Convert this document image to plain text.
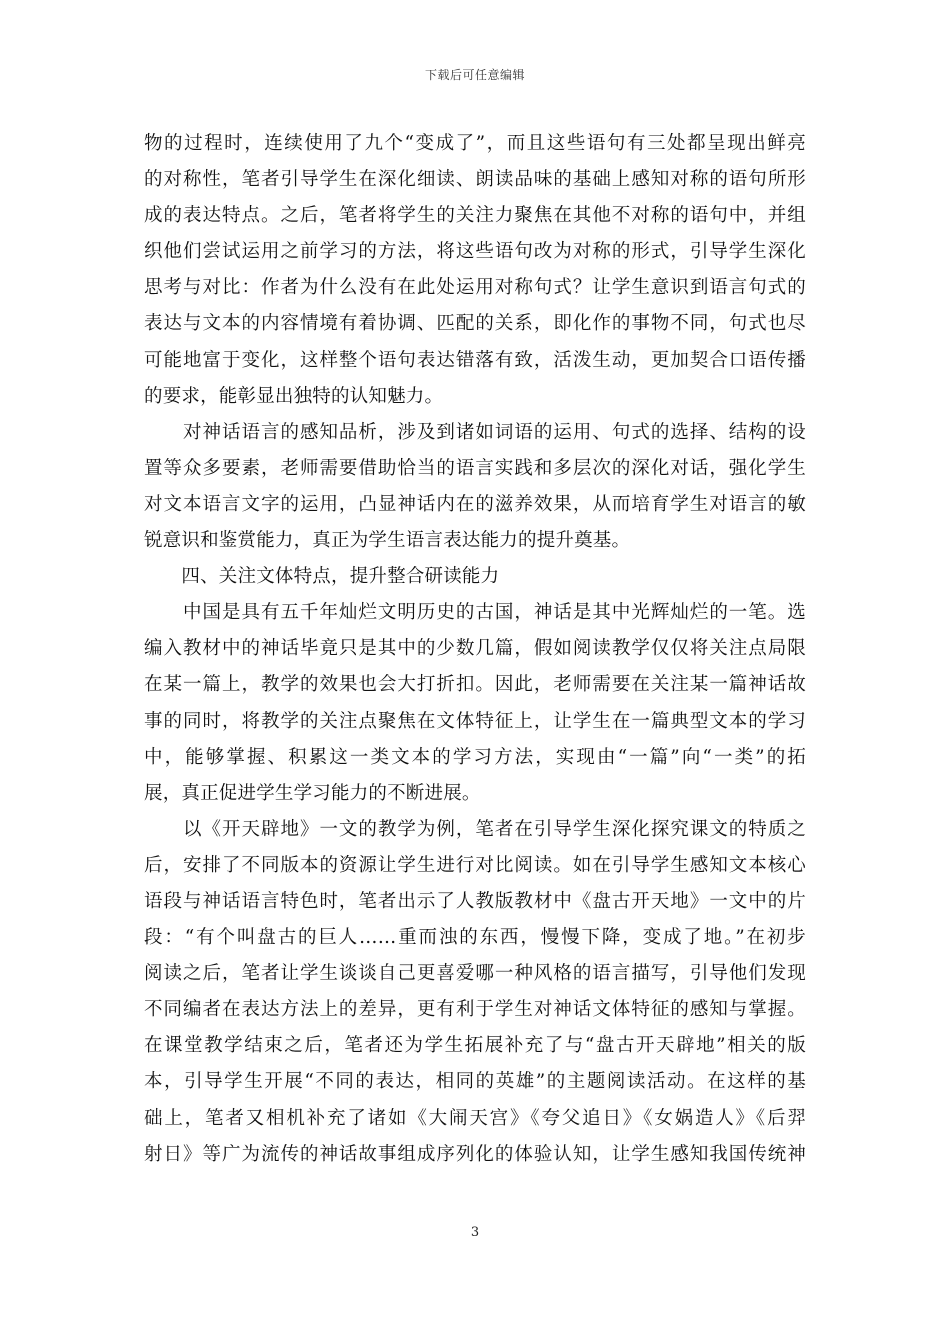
下载后可任意编辑
物的过程时，连续使用了九个“变成了”，而且这些语句有三处都呈现出鲜亮
的对称性，笔者引导学生在深化细读、朗读品味的基础上感知对称的语句所形
成的表达特点。之后，笔者将学生的关注力聚焦在其他不对称的语句中，并组
织他们尝试运用之前学习的方法，将这些语句改为对称的形式，引导学生深化
思考与对比：作者为什么没有在此处运用对称句式？让学生意识到语言句式的
表达与文本的内容情境有着协调、匹配的关系，即化作的事物不同，句式也尽
可能地富于变化，这样整个语句表达错落有致，活泼生动，更加契合口语传播
的要求，能彰显出独特的认知魅力。
　　对神话语言的感知品析，涉及到诸如词语的运用、句式的选择、结构的设
置等众多要素，老师需要借助恰当的语言实践和多层次的深化对话，强化学生
对文本语言文字的运用，凸显神话内在的滋养效果，从而培育学生对语言的敏
锐意识和鉴赏能力，真正为学生语言表达能力的提升奠基。
　　四、关注文体特点，提升整合研读能力
　　中国是具有五千年灿烂文明历史的古国，神话是其中光辉灿烂的一笔。选
编入教材中的神话毕竟只是其中的少数几篇，假如阅读教学仅仅将关注点局限
在某一篇上，教学的效果也会大打折扣。因此，老师需要在关注某一篇神话故
事的同时，将教学的关注点聚焦在文体特征上，让学生在一篇典型文本的学习
中，能够掌握、积累这一类文本的学习方法，实现由“一篇”向“一类”的拓
展，真正促进学生学习能力的不断进展。
　　以《开天辟地》一文的教学为例，笔者在引导学生深化探究课文的特质之
后，安排了不同版本的资源让学生进行对比阅读。如在引导学生感知文本核心
语段与神话语言特色时，笔者出示了人教版教材中《盘古开天地》一文中的片
段：“有个叫盘古的巨人……重而浊的东西，慢慢下降，变成了地。”在初步
阅读之后，笔者让学生谈谈自己更喜爱哪一种风格的语言描写，引导他们发现
不同编者在表达方法上的差异，更有利于学生对神话文体特征的感知与掌握。
在课堂教学结束之后，笔者还为学生拓展补充了与“盘古开天辟地”相关的版
本，引导学生开展“不同的表达，相同的英雄”的主题阅读活动。在这样的基
础上，笔者又相机补充了诸如《大闹天宫》《夸父追日》《女娲造人》《后羿
射日》等广为流传的神话故事组成序列化的体验认知，让学生感知我国传统神
3
